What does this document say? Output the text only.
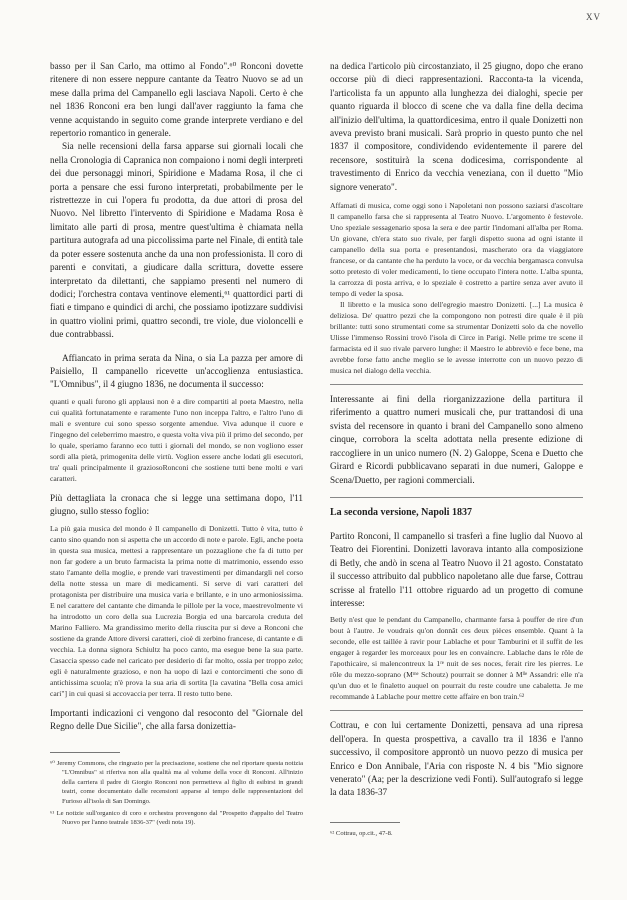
XV

basso per il San Carlo, ma ottimo al Fondo".⁶⁰ Ronconi dovette ritenere di non essere neppure cantante da Teatro Nuovo se ad un mese dalla prima del Campanello egli lasciava Napoli. Certo è che nel 1836 Ronconi era ben lungi dall'aver raggiunto la fama che venne acquistando in seguito come grande interprete verdiano e del repertorio romantico in generale.

Sia nelle recensioni della farsa apparse sui giornali locali che nella Cronologia di Capranica non compaiono i nomi degli interpreti dei due personaggi minori, Spiridione e Madama Rosa, il che ci porta a pensare che essi furono interpretati, probabilmente per le ristrettezze in cui l'opera fu prodotta, da due attori di prosa del Nuovo. Nel libretto l'intervento di Spiridione e Madama Rosa è limitato alle parti di prosa, mentre quest'ultima è chiamata nella partitura autografa ad una piccolissima parte nel Finale, di entità tale da poter essere sostenuta anche da una non professionista. Il coro di parenti e convitati, a giudicare dalla scrittura, dovette essere interpretato da dilettanti, che sappiamo presenti nel numero di dodici; l'orchestra contava ventinove elementi,⁶¹ quattordici parti di fiati e timpano e quindici di archi, che possiamo ipotizzare suddivisi in quattro violini primi, quattro secondi, tre viole, due violoncelli e due contrabbassi.

Affiancato in prima serata da Nina, o sia La pazza per amore di Paisiello, Il campanello ricevette un'accoglienza entusiastica. "L'Omnibus", il 4 giugno 1836, ne documenta il successo:

quanti e quali furono gli applausi non è a dire compartiti al poeta Maestro, nella cui qualità fortunatamente e raramente l'uno non inceppa l'altro, e l'altro l'uno di mali e sventure cui sono spesso sorgente amendue. Viva adunque il cuore e l'ingegno del celeberrimo maestro, e questa volta viva più il primo del secondo, per lo quale, speriamo faranno eco tutti i giornali del mondo, se non vogliono esser sordi alla pietà, primogenita delle virtù. Voglion essere anche lodati gli esecutori, tra' quali principalmente il graziosoRonconi che sostiene tutti bene molti e vari caratteri.

Più dettagliata la cronaca che si legge una settimana dopo, l'11 giugno, sullo stesso foglio:

La più gaia musica del mondo è Il campanello di Donizetti. Tutto è vita, tutto è canto sino quando non si aspetta che un accordo di note e parole. Egli, anche poeta in questa sua musica, mettesi a rappresentare un pozzaglione che fa di tutto per non far godere a un bruto farmacista la prima notte di matrimonio, essendo esso stato l'amante della moglie, e prende vari travestimenti per dimandargli nel corso della notte stessa un mare di medicamenti. Si serve di vari caratteri del protagonista per distribuire una musica varia e brillante, e in uno armoniosissima. E nel carattere del cantante che dimanda le pillole per la voce, maestrevolmente vi ha introdotto un coro della sua Lucrezia Borgia ed una barcarola creduta del Marino Falliero. Ma grandissimo merito della riuscita pur si deve a Ronconi che sostiene da grande Attore diversi caratteri, cioè di zerbino francese, di cantante e di vecchia. La donna signora Schiultz ha poco canto, ma esegue bene la sua parte. Casaccia spesso cade nel caricato per desiderio di far molto, ossia per troppo zelo; egli è naturalmente grazioso, e non ha uopo di lazi e contorcimenti che sono di antichissima scuola; n'è prova la sua aria di sortita [la cavatina "Bella cosa amici cari"] in cui quasi si accovaccia per terra. Il resto tutto bene.

Importanti indicazioni ci vengono dal resoconto del "Giornale del Regno delle Due Sicilie", che alla farsa donizettia-

⁶⁰ Jeremy Commons, che ringrazio per la precisazione, sostiene che nel riportare questa notizia "L'Omnibus" si riferiva non alla qualità ma al volume della voce di Ronconi. All'inizio della carriera il padre di Giorgio Ronconi non permetteva al figlio di esibirsi in grandi teatri, come documentato dalle recensioni apparse al tempo delle rappresentazioni del Furioso all'isola di San Domingo.

⁶¹ Le notizie sull'organico di coro e orchestra provengono dal "Prospetto d'appalto del Teatro Nuovo per l'anno teatrale 1836-37" (vedi nota 19).

na dedica l'articolo più circostanziato, il 25 giugno, dopo che erano occorse più di dieci rappresentazioni. Racconta-ta la vicenda, l'articolista fa un appunto alla lunghezza dei dialoghi, specie per quanto riguarda il blocco di scene che va dalla fine della decima all'inizio dell'ultima, la quattordicesima, entro il quale Donizetti non aveva previsto brani musicali. Sarà proprio in questo punto che nel 1837 il compositore, condividendo evidentemente il parere del recensore, sostituirà la scena dodicesima, corrispondente al travestimento di Enrico da vecchia veneziana, con il duetto "Mio signore venerato".

Affamati di musica, come oggi sono i Napoletani non possono saziarsi d'ascoltare Il campanello farsa che si rappresenta al Teatro Nuovo. L'argomento è festevole. Uno speziale sessagenario sposa la sera e dee partir l'indomani all'alba per Roma. Un giovane, ch'era stato suo rivale, per fargli dispetto suona ad ogni istante il campanello della sua porta e presentandosi, mascherato ora da viaggiatore francese, or da cantante che ha perduto la voce, or da vecchia bergamasca convulsa sotto pretesto di voler medicamenti, lo tiene occupato l'intera notte. L'alba spunta, la carrozza di posta arriva, e lo speziale è costretto a partire senza aver avuto il tempo di veder la sposa.

Il libretto e la musica sono dell'egregio maestro Donizetti. [...] La musica è deliziosa. De' quattro pezzi che la compongono non potresti dire quale è il più brillante: tutti sono strumentati come sa strumentar Donizetti solo da che novello Ulisse l'immenso Rossini trovò l'isola di Circe in Parigi. Nelle prime tre scene il farmacista ed il suo rivale parvero lunghe: il Maestro le abbreviò e fece bene, ma avrebbe forse fatto anche meglio se le avesse interrotte con un nuovo pezzo di musica nel dialogo della vecchia.

Interessante ai fini della riorganizzazione della partitura il riferimento a quattro numeri musicali che, pur trattandosi di una svista del recensore in quanto i brani del Campanello sono almeno cinque, corrobora la scelta adottata nella presente edizione di raccogliere in un unico numero (N. 2) Galoppe, Scena e Duetto che Girard e Ricordi pubblicavano separati in due numeri, Galoppe e Scena/Duetto, per ragioni commerciali.

La seconda versione, Napoli 1837

Partito Ronconi, Il campanello si trasferì a fine luglio dal Nuovo al Teatro dei Fiorentini. Donizetti lavorava intanto alla composizione di Betly, che andò in scena al Teatro Nuovo il 21 agosto. Constatato il successo attribuito dal pubblico napoletano alle due farse, Cottrau scrisse al fratello l'11 ottobre riguardo ad un progetto di comune interesse:

Betly n'est que le pendant du Campanello, charmante farsa à pouffer de rire d'un bout à l'autre. Je voudrais qu'on donnât ces deux pièces ensemble. Quant à la seconde, elle est taillée à ravir pour Lablache et pour Tamburini et il suffit de les engager à regarder les morceaux pour les en convaincre. Lablache dans le rôle de l'apothicaire, si malencontreux la 1ʳᵉ nuit de ses noces, ferait rire les pierres. Le rôle du mezzo-soprano (Mᵐᵉ Schoutz) pourrait se donner à Mˡˡᵉ Assandri: elle n'a qu'un duo et le finaletto auquel on pourrait du reste coudre une cabaletta. Je me recommande à Lablache pour mettre cette affaire en bon train.⁶²

Cottrau, e con lui certamente Donizetti, pensava ad una ripresa dell'opera. In questa prospettiva, a cavallo tra il 1836 e l'anno successivo, il compositore approntò un nuovo pezzo di musica per Enrico e Don Annibale, l'Aria con risposte N. 4 bis "Mio signore venerato" (Aa; per la descrizione vedi Fonti). Sull'autografo si legge la data 1836-37

⁶² Cottrau, op.cit., 47-8.
